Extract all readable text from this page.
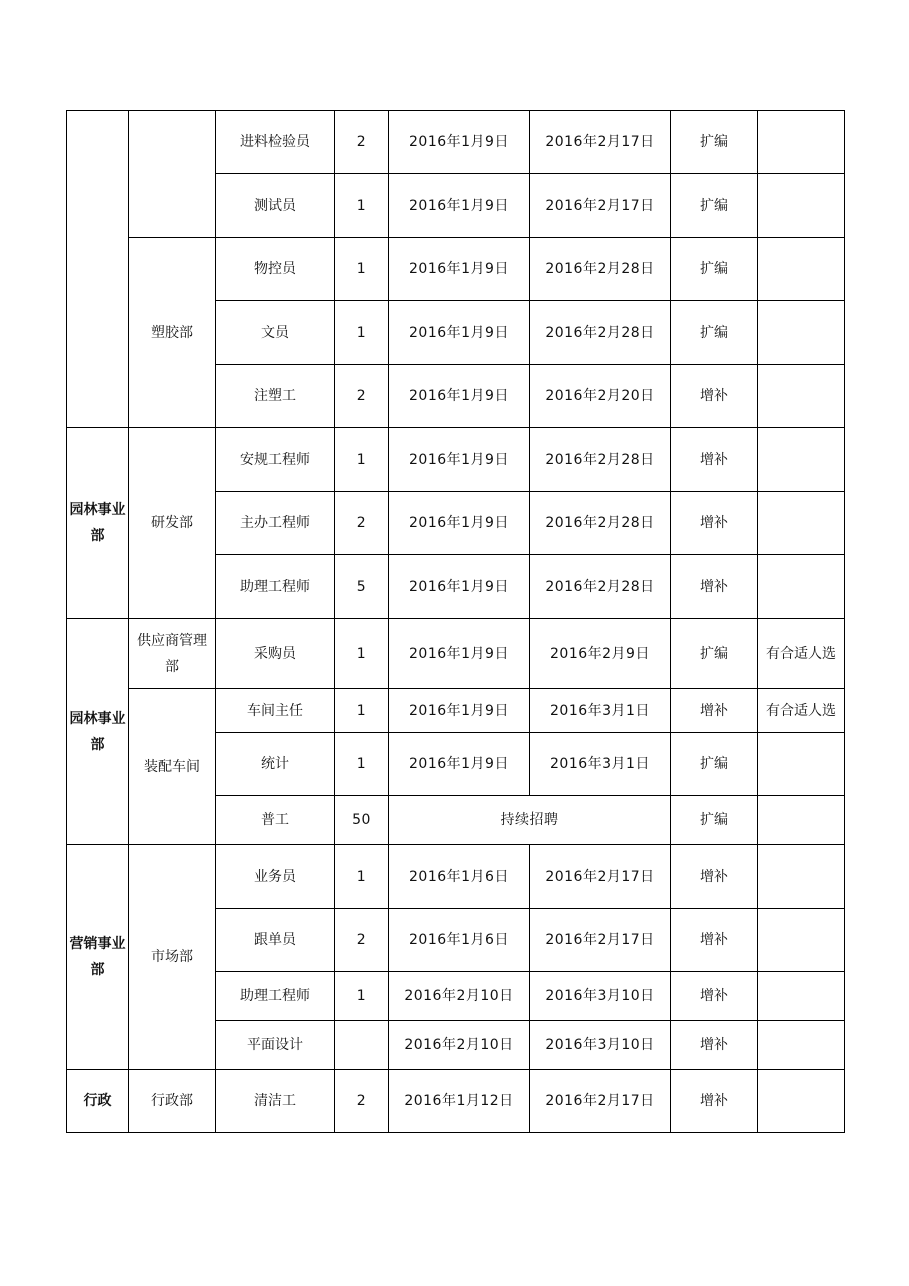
		进料检验员	2	2016年1月9日	2016年2月17日	扩编	
		测试员	1	2016年1月9日	2016年2月17日	扩编	
	塑胶部	物控员	1	2016年1月9日	2016年2月28日	扩编	
		文员	1	2016年1月9日	2016年2月28日	扩编	
		注塑工	2	2016年1月9日	2016年2月20日	增补	
园林事业部	研发部	安规工程师	1	2016年1月9日	2016年2月28日	增补	
		主办工程师	2	2016年1月9日	2016年2月28日	增补	
		助理工程师	5	2016年1月9日	2016年2月28日	增补	
园林事业部	供应商管理部	采购员	1	2016年1月9日	2016年2月9日	扩编	有合适人选
	装配车间	车间主任	1	2016年1月9日	2016年3月1日	增补	有合适人选
		统计	1	2016年1月9日	2016年3月1日	扩编	
		普工	50	持续招聘		扩编	
营销事业部	市场部	业务员	1	2016年1月6日	2016年2月17日	增补	
		跟单员	2	2016年1月6日	2016年2月17日	增补	
		助理工程师	1	2016年2月10日	2016年3月10日	增补	
		平面设计		2016年2月10日	2016年3月10日	增补	
行政	行政部	清洁工	2	2016年1月12日	2016年2月17日	增补	
